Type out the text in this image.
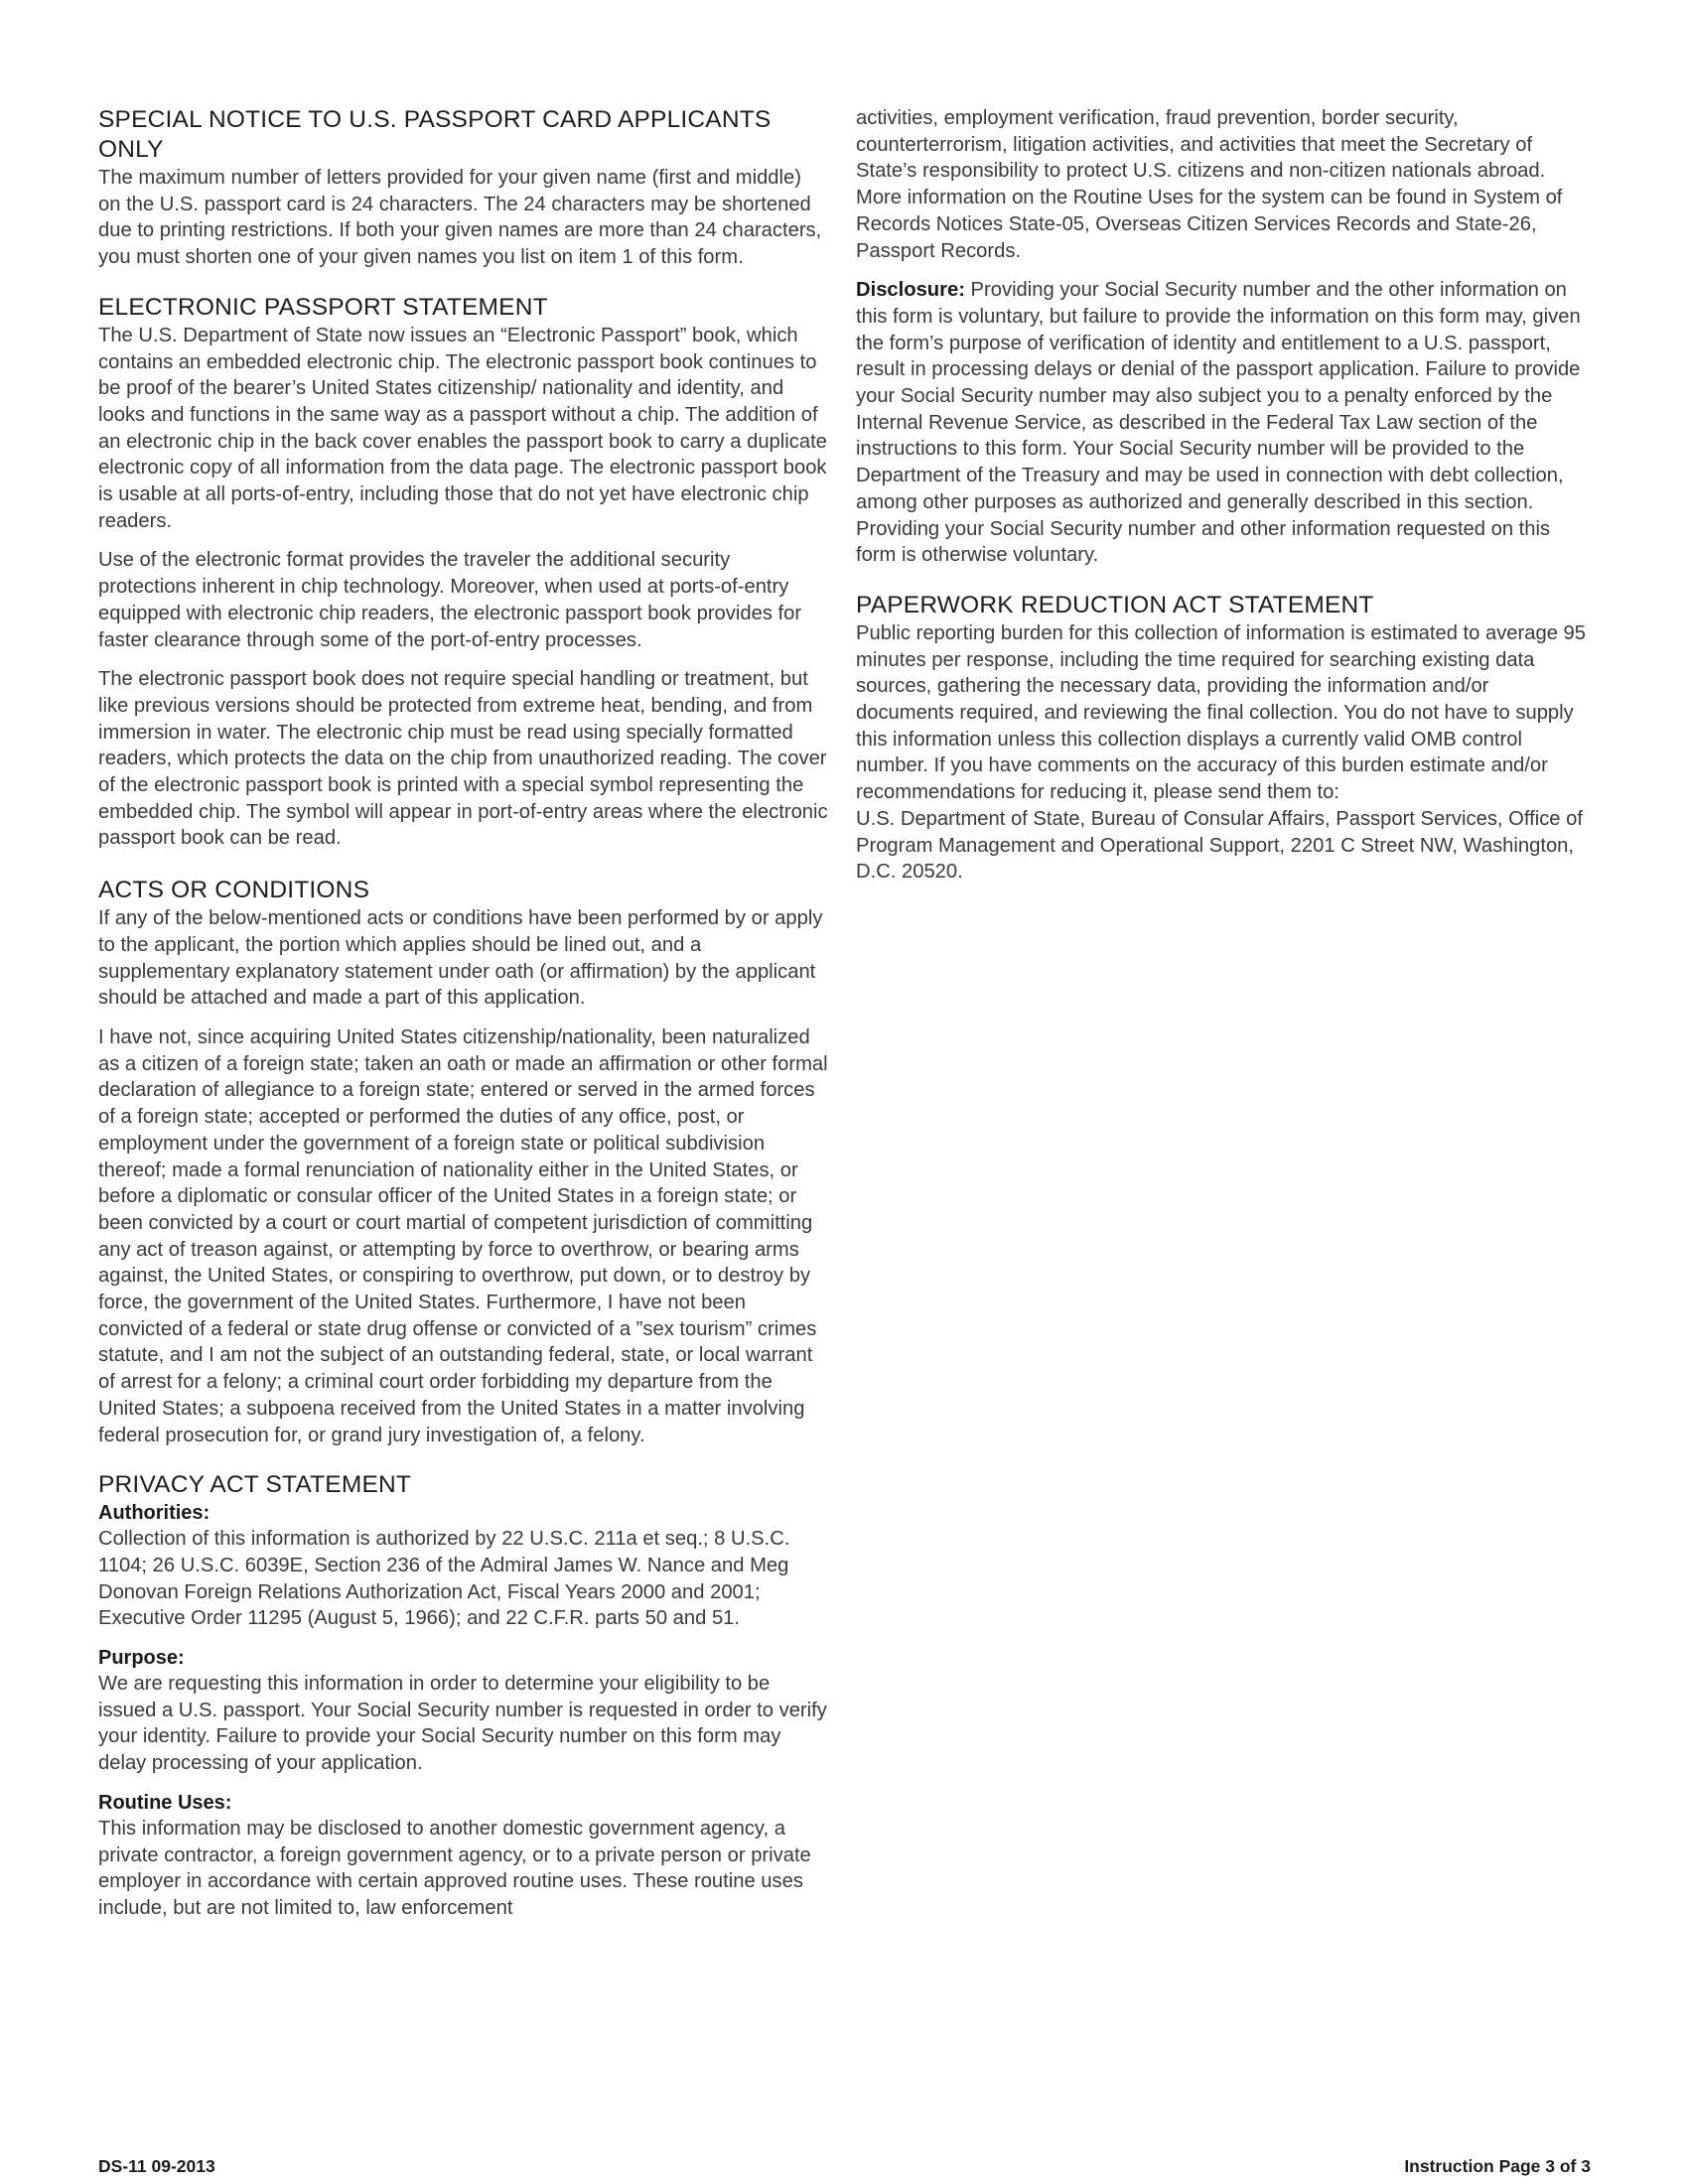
SPECIAL NOTICE TO U.S. PASSPORT CARD APPLICANTS ONLY

The maximum number of letters provided for your given name (first and middle) on the U.S. passport card is 24 characters. The 24 characters may be shortened due to printing restrictions. If both your given names are more than 24 characters, you must shorten one of your given names you list on item 1 of this form.

ELECTRONIC PASSPORT STATEMENT

The U.S. Department of State now issues an “Electronic Passport” book, which contains an embedded electronic chip. The electronic passport book continues to be proof of the bearer’s United States citizenship/ nationality and identity, and looks and functions in the same way as a passport without a chip. The addition of an electronic chip in the back cover enables the passport book to carry a duplicate electronic copy of all information from the data page. The electronic passport book is usable at all ports-of-entry, including those that do not yet have electronic chip readers.

Use of the electronic format provides the traveler the additional security protections inherent in chip technology. Moreover, when used at ports-of-entry equipped with electronic chip readers, the electronic passport book provides for faster clearance through some of the port-of-entry processes.

The electronic passport book does not require special handling or treatment, but like previous versions should be protected from extreme heat, bending, and from immersion in water. The electronic chip must be read using specially formatted readers, which protects the data on the chip from unauthorized reading. The cover of the electronic passport book is printed with a special symbol representing the embedded chip. The symbol will appear in port-of-entry areas where the electronic passport book can be read.

ACTS OR CONDITIONS

If any of the below-mentioned acts or conditions have been performed by or apply to the applicant, the portion which applies should be lined out, and a supplementary explanatory statement under oath (or affirmation) by the applicant should be attached and made a part of this application.

I have not, since acquiring United States citizenship/nationality, been naturalized as a citizen of a foreign state; taken an oath or made an affirmation or other formal declaration of allegiance to a foreign state; entered or served in the armed forces of a foreign state; accepted or performed the duties of any office, post, or employment under the government of a foreign state or political subdivision thereof; made a formal renunciation of nationality either in the United States, or before a diplomatic or consular officer of the United States in a foreign state; or been convicted by a court or court martial of competent jurisdiction of committing any act of treason against, or attempting by force to overthrow, or bearing arms against, the United States, or conspiring to overthrow, put down, or to destroy by force, the government of the United States. Furthermore, I have not been convicted of a federal or state drug offense or convicted of a ”sex tourism” crimes statute, and I am not the subject of an outstanding federal, state, or local warrant of arrest for a felony; a criminal court order forbidding my departure from the United States; a subpoena received from the United States in a matter involving federal prosecution for, or grand jury investigation of, a felony.

PRIVACY ACT STATEMENT

Authorities:

Collection of this information is authorized by 22 U.S.C. 211a et seq.; 8 U.S.C. 1104; 26 U.S.C. 6039E, Section 236 of the Admiral James W. Nance and Meg Donovan Foreign Relations Authorization Act, Fiscal Years 2000 and 2001; Executive Order 11295 (August 5, 1966); and 22 C.F.R. parts 50 and 51.

Purpose:

We are requesting this information in order to determine your eligibility to be issued a U.S. passport. Your Social Security number is requested in order to verify your identity. Failure to provide your Social Security number on this form may delay processing of your application.

Routine Uses:

This information may be disclosed to another domestic government agency, a private contractor, a foreign government agency, or to a private person or private employer in accordance with certain approved routine uses. These routine uses include, but are not limited to, law enforcement

activities, employment verification, fraud prevention, border security, counterterrorism, litigation activities, and activities that meet the Secretary of State’s responsibility to protect U.S. citizens and non-citizen nationals abroad. More information on the Routine Uses for the system can be found in System of Records Notices State-05, Overseas Citizen Services Records and State-26, Passport Records.

Disclosure: Providing your Social Security number and the other information on this form is voluntary, but failure to provide the information on this form may, given the form’s purpose of verification of identity and entitlement to a U.S. passport, result in processing delays or denial of the passport application. Failure to provide your Social Security number may also subject you to a penalty enforced by the Internal Revenue Service, as described in the Federal Tax Law section of the instructions to this form. Your Social Security number will be provided to the Department of the Treasury and may be used in connection with debt collection, among other purposes as authorized and generally described in this section. Providing your Social Security number and other information requested on this form is otherwise voluntary.

PAPERWORK REDUCTION ACT STATEMENT

Public reporting burden for this collection of information is estimated to average 95 minutes per response, including the time required for searching existing data sources, gathering the necessary data, providing the information and/or documents required, and reviewing the final collection. You do not have to supply this information unless this collection displays a currently valid OMB control number. If you have comments on the accuracy of this burden estimate and/or recommendations for reducing it, please send them to:

U.S. Department of State, Bureau of Consular Affairs, Passport Services, Office of Program Management and Operational Support, 2201 C Street NW, Washington, D.C. 20520.

DS-11 09-2013	Instruction Page 3 of 3
